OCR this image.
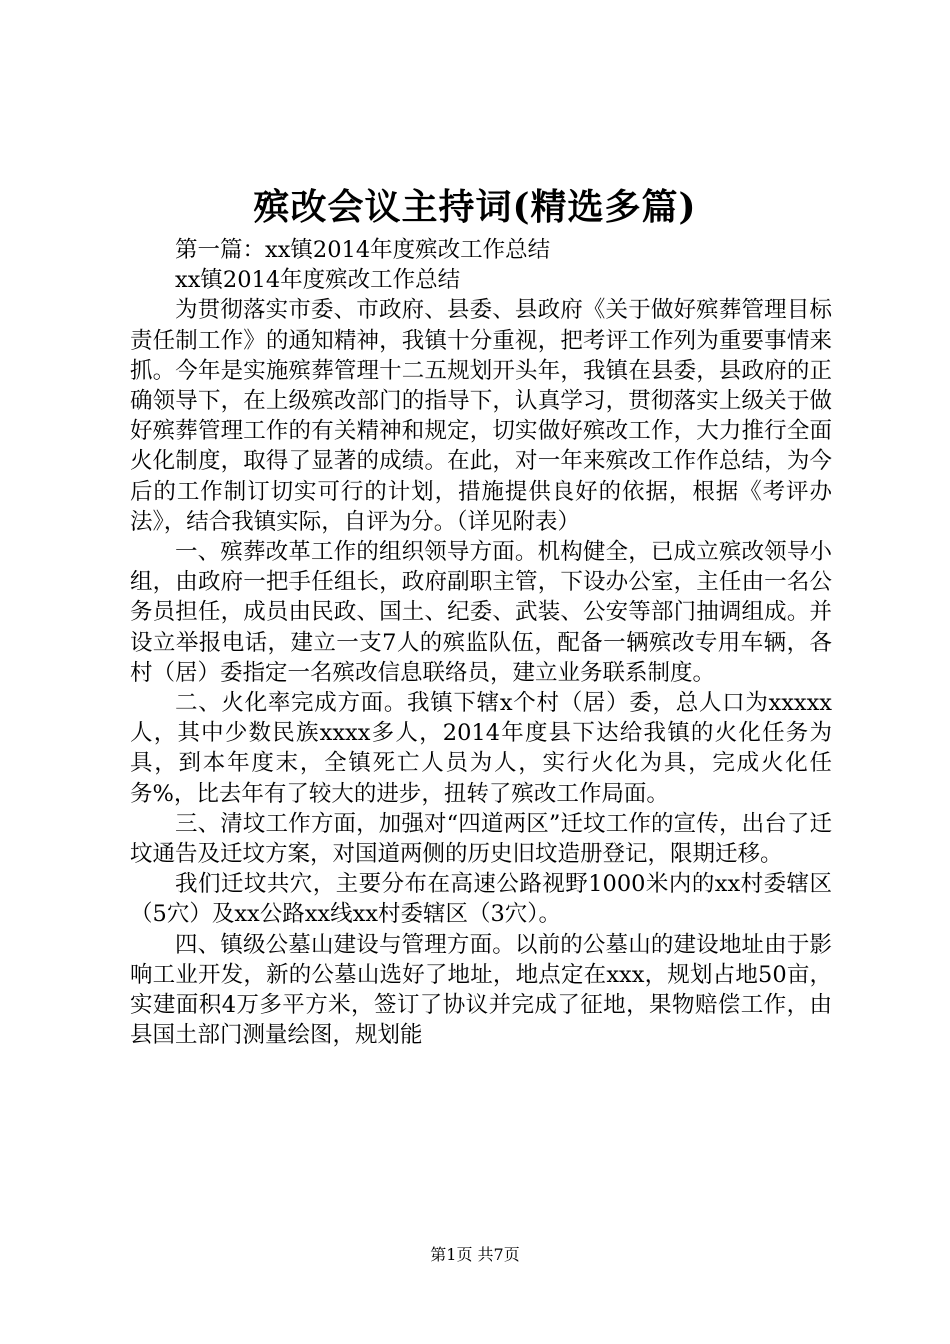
殡改会议主持词(精选多篇)

第一篇：xx镇2014年度殡改工作总结

xx镇2014年度殡改工作总结

为贯彻落实市委、市政府、县委、县政府《关于做好殡葬管理目标责任制工作》的通知精神，我镇十分重视，把考评工作列为重要事情来抓。今年是实施殡葬管理十二五规划开头年，我镇在县委，县政府的正确领导下，在上级殡改部门的指导下，认真学习，贯彻落实上级关于做好殡葬管理工作的有关精神和规定，切实做好殡改工作，大力推行全面火化制度，取得了显著的成绩。在此，对一年来殡改工作作总结，为今后的工作制订切实可行的计划，措施提供良好的依据，根据《考评办法》，结合我镇实际，自评为分。（详见附表）

一、殡葬改革工作的组织领导方面。机构健全，已成立殡改领导小组，由政府一把手任组长，政府副职主管，下设办公室，主任由一名公务员担任，成员由民政、国土、纪委、武装、公安等部门抽调组成。并设立举报电话，建立一支7人的殡监队伍，配备一辆殡改专用车辆，各村（居）委指定一名殡改信息联络员，建立业务联系制度。

二、火化率完成方面。我镇下辖x个村（居）委，总人口为xxxxx人，其中少数民族xxxx多人，2014年度县下达给我镇的火化任务为具，到本年度末，全镇死亡人员为人，实行火化为具，完成火化任务%，比去年有了较大的进步，扭转了殡改工作局面。

三、清坟工作方面，加强对“四道两区”迁坟工作的宣传，出台了迁坟通告及迁坟方案，对国道两侧的历史旧坟造册登记，限期迁移。

我们迁坟共穴，主要分布在高速公路视野1000米内的xx村委辖区（5穴）及xx公路xx线xx村委辖区（3穴）。

四、镇级公墓山建设与管理方面。以前的公墓山的建设地址由于影响工业开发，新的公墓山选好了地址，地点定在xxx，规划占地50亩，实建面积4万多平方米，签订了协议并完成了征地，果物赔偿工作，由县国土部门测量绘图，规划能

第1页 共7页
